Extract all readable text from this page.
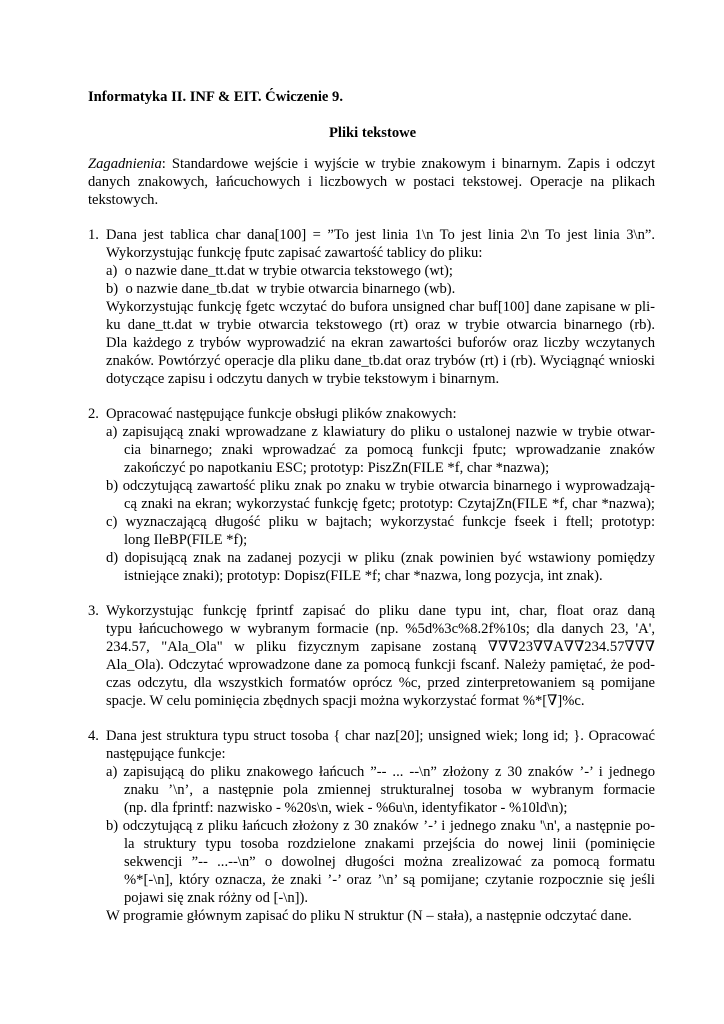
Informatyka II. INF & EIT. Ćwiczenie 9.
Pliki tekstowe
Zagadnienia: Standardowe wejście i wyjście w trybie znakowym i binarnym. Zapis i odczyt
danych znakowych, łańcuchowych i liczbowych w postaci tekstowej. Operacje na plikach
tekstowych.
1. Dana jest tablica char dana[100] = ”To jest linia 1\n To jest linia 2\n To jest linia 3\n”.
Wykorzystując funkcję fputc zapisać zawartość tablicy do pliku:
a)  o nazwie dane_tt.dat w trybie otwarcia tekstowego (wt);
b)  o nazwie dane_tb.dat  w trybie otwarcia binarnego (wb).
Wykorzystując funkcję fgetc wczytać do bufora unsigned char buf[100] dane zapisane w pli-
ku dane_tt.dat w trybie otwarcia tekstowego (rt) oraz w trybie otwarcia binarnego (rb).
Dla każdego z trybów wyprowadzić na ekran zawartości buforów oraz liczby wczytanych
znaków. Powtórzyć operacje dla pliku dane_tb.dat oraz trybów (rt) i (rb). Wyciągnąć wnioski
dotyczące zapisu i odczytu danych w trybie tekstowym i binarnym.
2. Opracować następujące funkcje obsługi plików znakowych:
a) zapisującą znaki wprowadzane z klawiatury do pliku o ustalonej nazwie w trybie otwar-
cia binarnego; znaki wprowadzać za pomocą funkcji fputc; wprowadzanie znaków
zakończyć po napotkaniu ESC; prototyp: PiszZn(FILE *f, char *nazwa);
b) odczytującą zawartość pliku znak po znaku w trybie otwarcia binarnego i wyprowadzają-
cą znaki na ekran; wykorzystać funkcję fgetc; prototyp: CzytajZn(FILE *f, char *nazwa);
c) wyznaczającą długość pliku w bajtach; wykorzystać funkcje fseek i ftell; prototyp:
long IleBP(FILE *f);
d) dopisującą znak na zadanej pozycji w pliku (znak powinien być wstawiony pomiędzy
istniejące znaki); prototyp: Dopisz(FILE *f; char *nazwa, long pozycja, int znak).
3. Wykorzystując funkcję fprintf zapisać do pliku dane typu int, char, float oraz daną
typu łańcuchowego w wybranym formacie (np. %5d%3c%8.2f%10s; dla danych 23, 'A',
234.57, "Ala_Ola" w pliku fizycznym zapisane zostaną ∇∇∇23∇∇A∇∇234.57∇∇∇
Ala_Ola). Odczytać wprowadzone dane za pomocą funkcji fscanf. Należy pamiętać, że pod-
czas odczytu, dla wszystkich formatów oprócz %c, przed zinterpretowaniem są pomijane
spacje. W celu pominięcia zbędnych spacji można wykorzystać format %*[∇]%c.
4. Dana jest struktura typu struct tosoba { char naz[20]; unsigned wiek; long id; }. Opracować
następujące funkcje:
a) zapisującą do pliku znakowego łańcuch ”-- ... --\n” złożony z 30 znaków ’-’ i jednego
znaku ’\n’, a następnie pola zmiennej strukturalnej tosoba w wybranym formacie
(np. dla fprintf: nazwisko - %20s\n, wiek - %6u\n, identyfikator - %10ld\n);
b) odczytującą z pliku łańcuch złożony z 30 znaków ’-’ i jednego znaku '\n', a następnie po-
la struktury typu tosoba rozdzielone znakami przejścia do nowej linii (pominięcie
sekwencji ”-- ...--\n” o dowolnej długości można zrealizować za pomocą formatu
%*[-\n], który oznacza, że znaki ’-’ oraz ’\n’ są pomijane; czytanie rozpocznie się jeśli
pojawi się znak różny od [-\n]).
W programie głównym zapisać do pliku N struktur (N – stała), a następnie odczytać dane.
